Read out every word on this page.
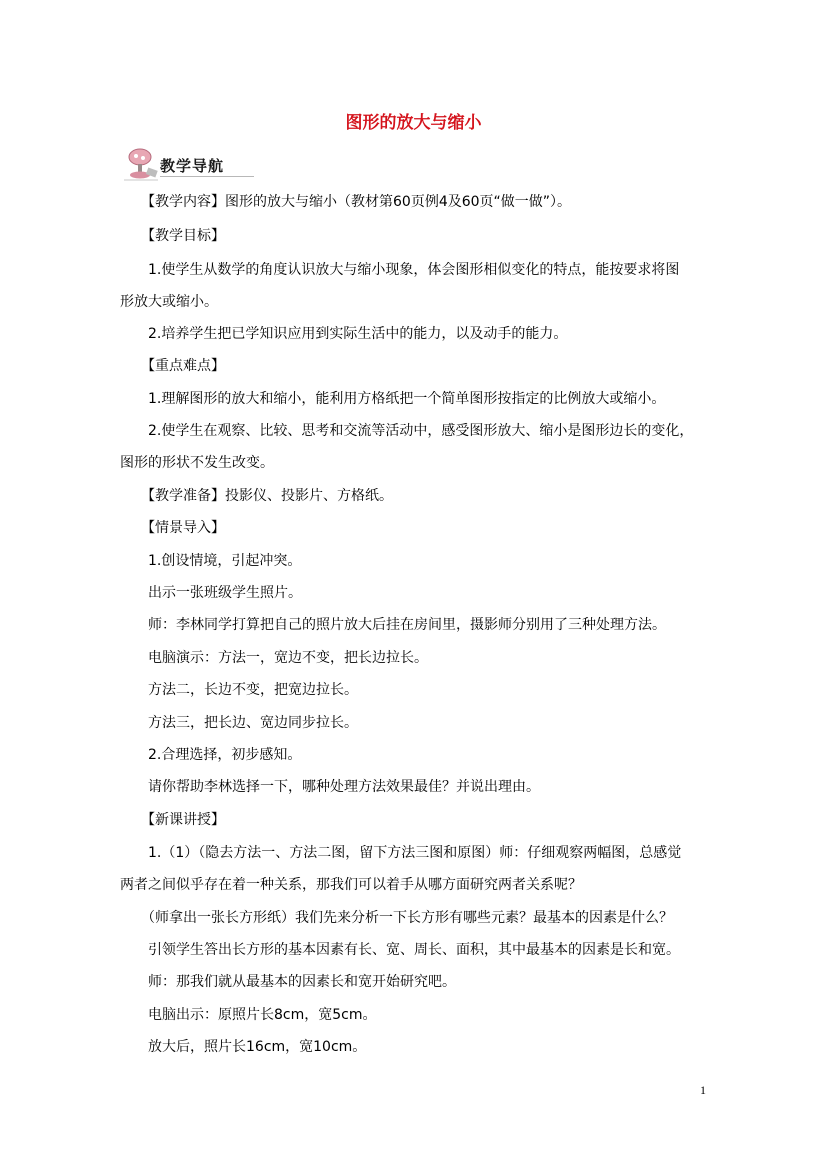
图形的放大与缩小
教学导航
　　【教学内容】图形的放大与缩小（教材第60页例4及60页“做一做”）。
　　【教学目标】
　　1.使学生从数学的角度认识放大与缩小现象，体会图形相似变化的特点，能按要求将图
形放大或缩小。
　　2.培养学生把已学知识应用到实际生活中的能力，以及动手的能力。
　　【重点难点】
　　1.理解图形的放大和缩小，能利用方格纸把一个简单图形按指定的比例放大或缩小。
　　2.使学生在观察、比较、思考和交流等活动中，感受图形放大、缩小是图形边长的变化，
图形的形状不发生改变。
　　【教学准备】投影仪、投影片、方格纸。
　　【情景导入】
　　1.创设情境，引起冲突。
　　出示一张班级学生照片。
　　师：李林同学打算把自己的照片放大后挂在房间里，摄影师分别用了三种处理方法。
　　电脑演示：方法一，宽边不变，把长边拉长。
　　方法二，长边不变，把宽边拉长。
　　方法三，把长边、宽边同步拉长。
　　2.合理选择，初步感知。
　　请你帮助李林选择一下，哪种处理方法效果最佳？并说出理由。
　　【新课讲授】
　　1.（1）（隐去方法一、方法二图，留下方法三图和原图）师：仔细观察两幅图，总感觉
两者之间似乎存在着一种关系，那我们可以着手从哪方面研究两者关系呢？
　　（师拿出一张长方形纸）我们先来分析一下长方形有哪些元素？最基本的因素是什么？
　　引领学生答出长方形的基本因素有长、宽、周长、面积，其中最基本的因素是长和宽。
　　师：那我们就从最基本的因素长和宽开始研究吧。
　　电脑出示：原照片长8cm，宽5cm。
　　放大后，照片长16cm，宽10cm。
1
